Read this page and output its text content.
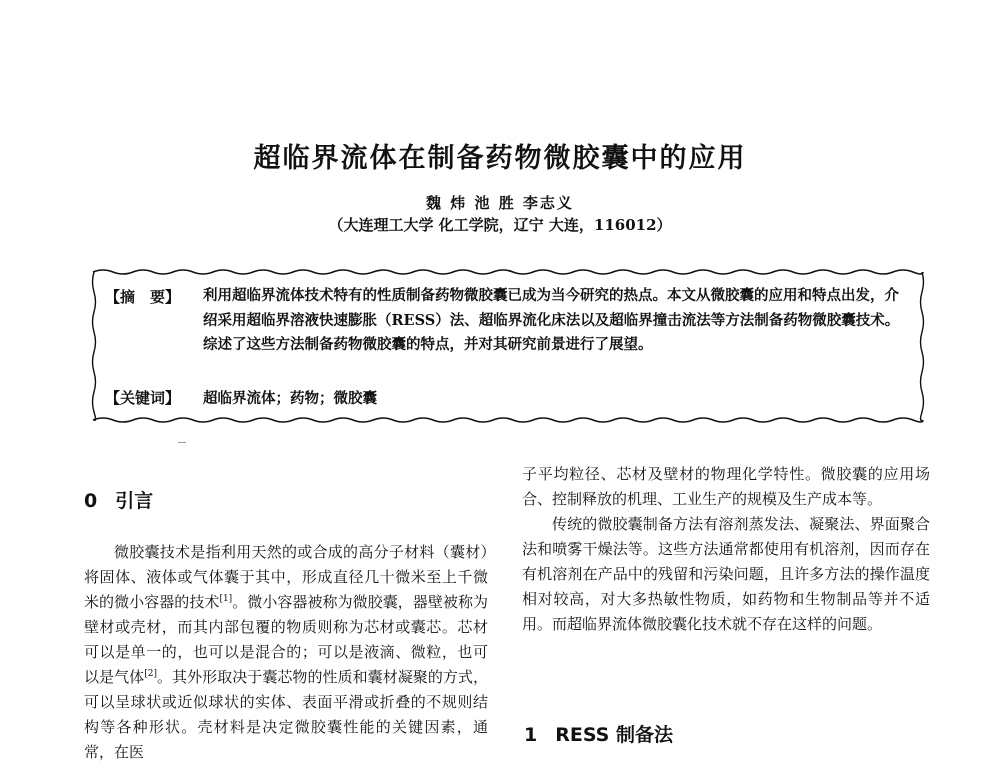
超临界流体在制备药物微胶囊中的应用
魏 炜 池 胜 李志义
（大连理工大学 化工学院，辽宁 大连，116012）
【摘　要】 利用超临界流体技术特有的性质制备药物微胶囊已成为当今研究的热点。本文从微胶囊的应用和特点出发，介绍采用超临界溶液快速膨胀（RESS）法、超临界流化床法以及超临界撞击流法等方法制备药物微胶囊技术。综述了这些方法制备药物微胶囊的特点，并对其研究前景进行了展望。
【关键词】 超临界流体；药物；微胶囊
0 引言

微胶囊技术是指利用天然的或合成的高分子材料（囊材）将固体、液体或气体囊于其中，形成直径几十微米至上千微米的微小容器的技术[1]。微小容器被称为微胶囊，器壁被称为壁材或壳材，而其内部包覆的物质则称为芯材或囊芯。芯材可以是单一的，也可以是混合的；可以是液滴、微粒，也可以是气体[2]。其外形取决于囊芯物的性质和囊材凝聚的方式，可以呈球状或近似球状的实体、表面平滑或折叠的不规则结构等各种形状。壳材料是决定微胶囊性能的关键因素，通常，在医

子平均粒径、芯材及壁材的物理化学特性。微胶囊的应用场合、控制释放的机理、工业生产的规模及生产成本等。

传统的微胶囊制备方法有溶剂蒸发法、凝聚法、界面聚合法和喷雾干燥法等。这些方法通常都使用有机溶剂，因而存在有机溶剂在产品中的残留和污染问题，且许多方法的操作温度相对较高，对大多热敏性物质，如药物和生物制品等并不适用。而超临界流体微胶囊化技术就不存在这样的问题。

1 RESS 制备法
